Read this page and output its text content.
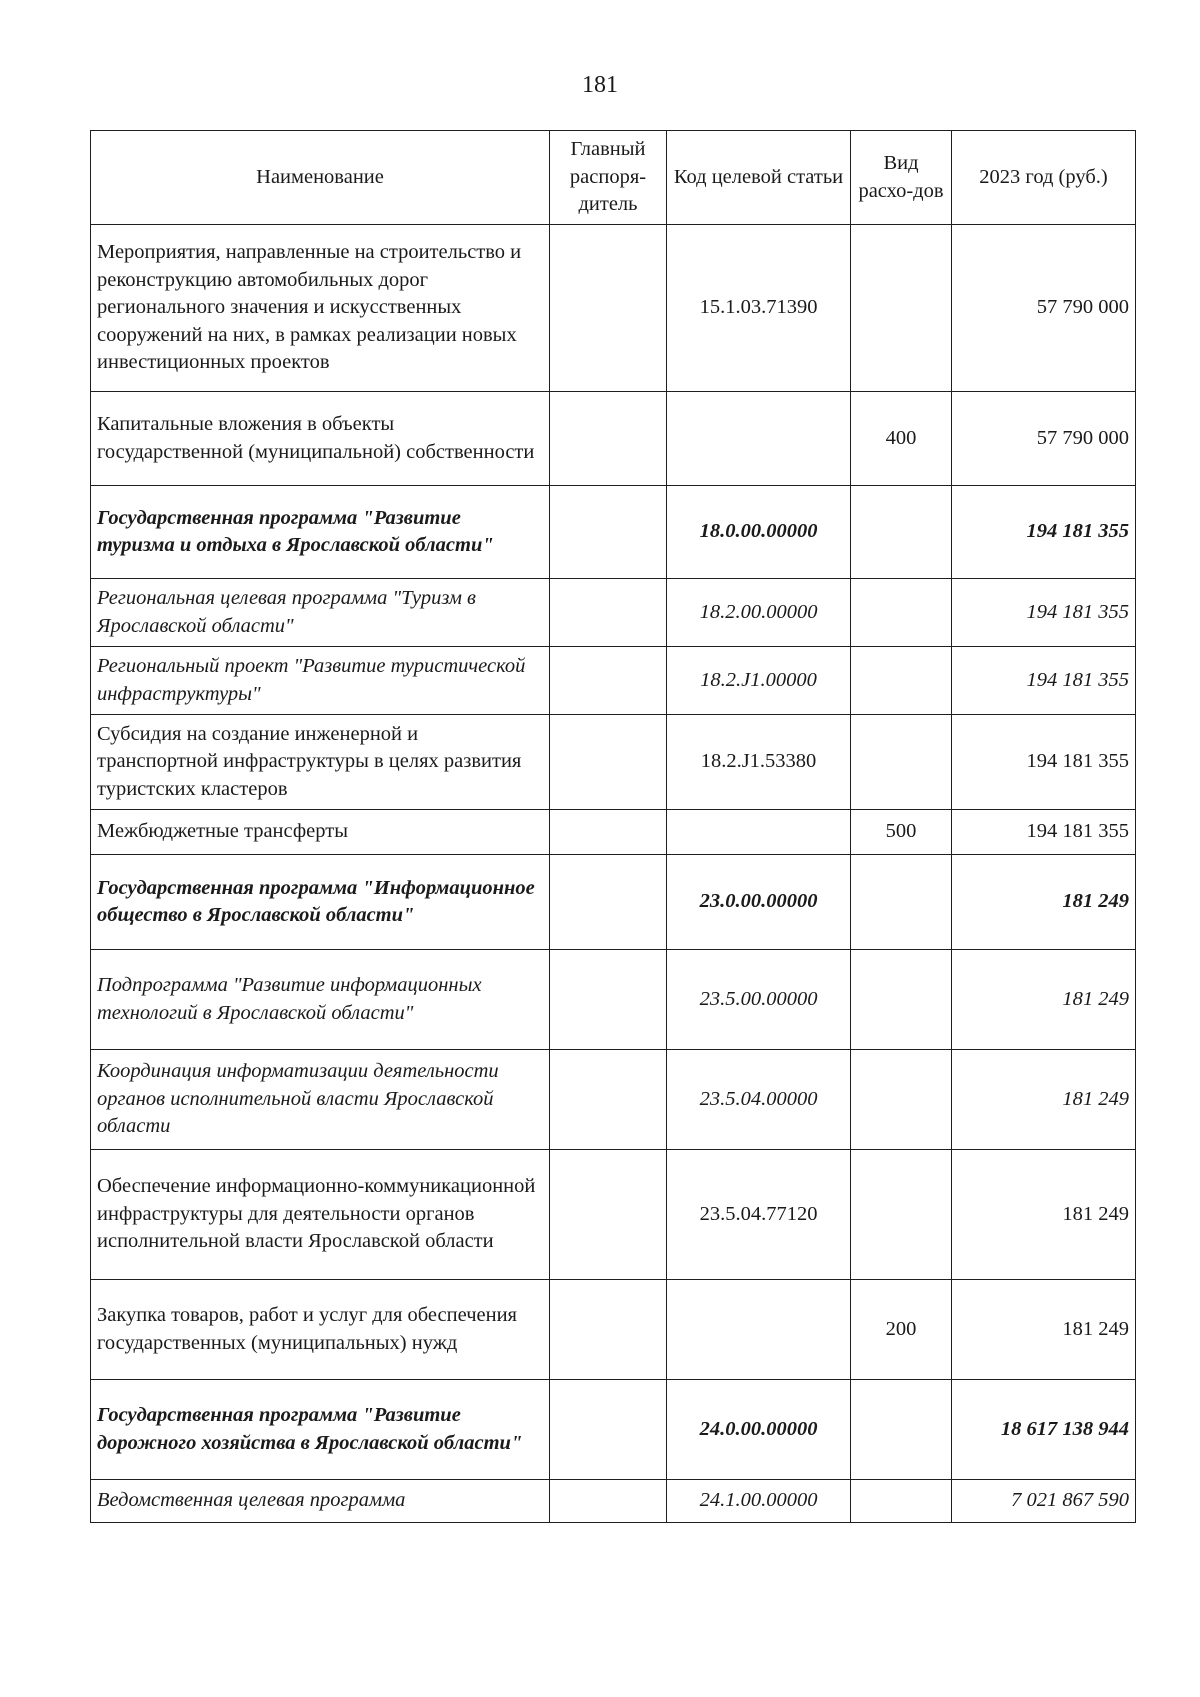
181
Наименование	Главный распоря-дитель	Код целевой статьи	Вид расхо-дов	2023 год (руб.)
Мероприятия, направленные на строительство и реконструкцию автомобильных дорог регионального значения и искусственных сооружений на них, в рамках реализации новых инвестиционных проектов		15.1.03.71390		57 790 000
Капитальные вложения в объекты государственной (муниципальной) собственности			400	57 790 000
Государственная программа "Развитие туризма и отдыха в Ярославской области"		18.0.00.00000		194 181 355
Региональная целевая программа "Туризм в Ярославской области"		18.2.00.00000		194 181 355
Региональный проект "Развитие туристической инфраструктуры"		18.2.J1.00000		194 181 355
Субсидия на создание инженерной и транспортной инфраструктуры в целях развития туристских кластеров		18.2.J1.53380		194 181 355
Межбюджетные трансферты			500	194 181 355
Государственная программа "Информационное общество в Ярославской области"		23.0.00.00000		181 249
Подпрограмма "Развитие информационных технологий в Ярославской области"		23.5.00.00000		181 249
Координация информатизации деятельности органов исполнительной власти Ярославской области		23.5.04.00000		181 249
Обеспечение информационно-коммуникационной инфраструктуры для деятельности органов исполнительной власти Ярославской области		23.5.04.77120		181 249
Закупка товаров, работ и услуг для обеспечения государственных (муниципальных) нужд			200	181 249
Государственная программа "Развитие дорожного хозяйства в Ярославской области"		24.0.00.00000		18 617 138 944
Ведомственная целевая программа		24.1.00.00000		7 021 867 590
